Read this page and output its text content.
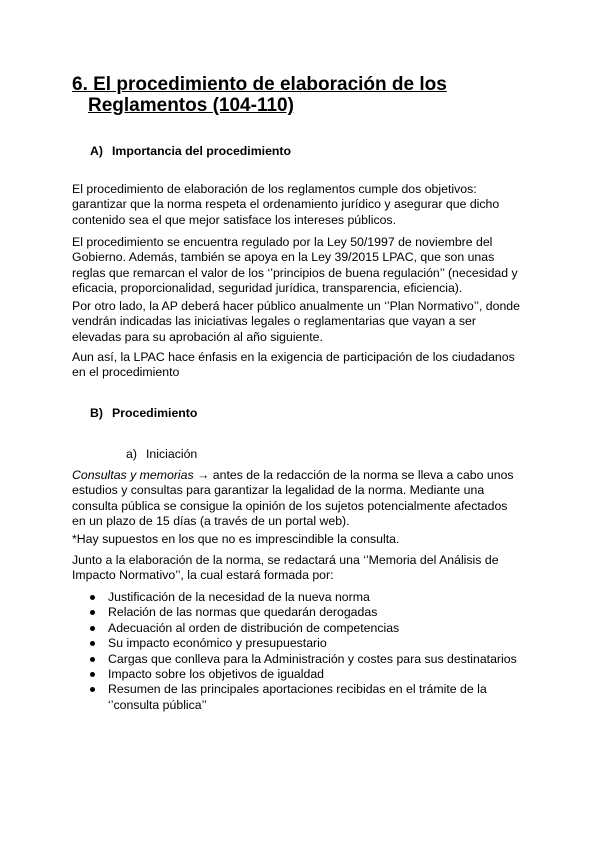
6. El procedimiento de elaboración de los
Reglamentos (104-110)
A) Importancia del procedimiento

El procedimiento de elaboración de los reglamentos cumple dos objetivos: garantizar que la norma respeta el ordenamiento jurídico y asegurar que dicho contenido sea el que mejor satisface los intereses públicos.

El procedimiento se encuentra regulado por la Ley 50/1997 de noviembre del Gobierno. Además, también se apoya en la Ley 39/2015 LPAC, que son unas reglas que remarcan el valor de los ‘’principios de buena regulación’’ (necesidad y eficacia, proporcionalidad, seguridad jurídica, transparencia, eficiencia).

Por otro lado, la AP deberá hacer público anualmente un ‘’Plan Normativo’’, donde vendrán indicadas las iniciativas legales o reglamentarias que vayan a ser elevadas para su aprobación al año siguiente.

Aun así, la LPAC hace énfasis en la exigencia de participación de los ciudadanos en el procedimiento

B) Procedimiento

a) Iniciación

Consultas y memorias → antes de la redacción de la norma se lleva a cabo unos estudios y consultas para garantizar la legalidad de la norma. Mediante una consulta pública se consigue la opinión de los sujetos potencialmente afectados en un plazo de 15 días (a través de un portal web).

*Hay supuestos en los que no es imprescindible la consulta.

Junto a la elaboración de la norma, se redactará una ‘’Memoria del Análisis de Impacto Normativo’’, la cual estará formada por:

Justificación de la necesidad de la nueva norma
Relación de las normas que quedarán derogadas
Adecuación al orden de distribución de competencias
Su impacto económico y presupuestario
Cargas que conlleva para la Administración y costes para sus destinatarios
Impacto sobre los objetivos de igualdad
Resumen de las principales aportaciones recibidas en el trámite de la ‘’consulta pública’’
